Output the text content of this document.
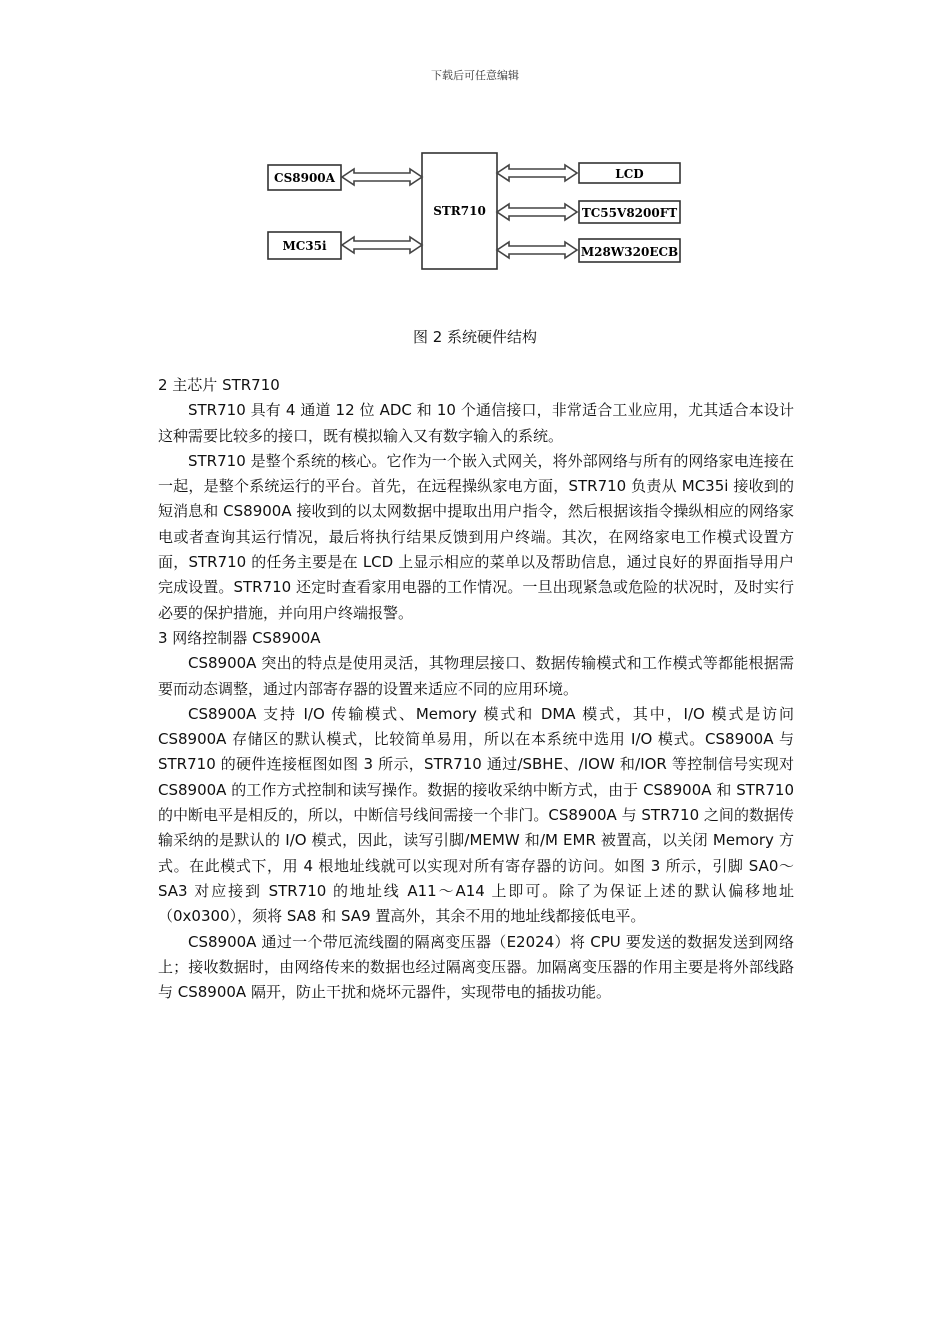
下载后可任意编辑
STR710
CS8900A
MC35i
LCD
TC55V8200FT
M28W320ECB
图 2 系统硬件结构

2 主芯片 STR710

STR710 具有 4 通道 12 位 ADC 和 10 个通信接口，非常适合工业应用，尤其适合本设计这种需要比较多的接口，既有模拟输入又有数字输入的系统。

STR710 是整个系统的核心。它作为一个嵌入式网关，将外部网络与所有的网络家电连接在一起，是整个系统运行的平台。首先，在远程操纵家电方面，STR710 负责从 MC35i 接收到的短消息和 CS8900A 接收到的以太网数据中提取出用户指令，然后根据该指令操纵相应的网络家电或者查询其运行情况，最后将执行结果反馈到用户终端。其次，在网络家电工作模式设置方面，STR710 的任务主要是在 LCD 上显示相应的菜单以及帮助信息，通过良好的界面指导用户完成设置。STR710 还定时查看家用电器的工作情况。一旦出现紧急或危险的状况时，及时实行必要的保护措施，并向用户终端报警。

3 网络控制器 CS8900A

CS8900A 突出的特点是使用灵活，其物理层接口、数据传输模式和工作模式等都能根据需要而动态调整，通过内部寄存器的设置来适应不同的应用环境。

CS8900A 支持 I/O 传输模式、Memory 模式和 DMA 模式，其中，I/O 模式是访问 CS8900A 存储区的默认模式，比较简单易用，所以在本系统中选用 I/O 模式。CS8900A 与 STR710 的硬件连接框图如图 3 所示，STR710 通过/SBHE、/IOW 和/IOR 等控制信号实现对 CS8900A 的工作方式控制和读写操作。数据的接收采纳中断方式，由于 CS8900A 和 STR710 的中断电平是相反的，所以，中断信号线间需接一个非门。CS8900A 与 STR710 之间的数据传输采纳的是默认的 I/O 模式，因此，读写引脚/MEMW 和/M EMR 被置高，以关闭 Memory 方式。在此模式下，用 4 根地址线就可以实现对所有寄存器的访问。如图 3 所示，引脚 SA0～SA3 对应接到 STR710 的地址线 A11～A14 上即可。除了为保证上述的默认偏移地址（0x0300），须将 SA8 和 SA9 置高外，其余不用的地址线都接低电平。

CS8900A 通过一个带厄流线圈的隔离变压器（E2024）将 CPU 要发送的数据发送到网络上；接收数据时，由网络传来的数据也经过隔离变压器。加隔离变压器的作用主要是将外部线路与 CS8900A 隔开，防止干扰和烧坏元器件，实现带电的插拔功能。
